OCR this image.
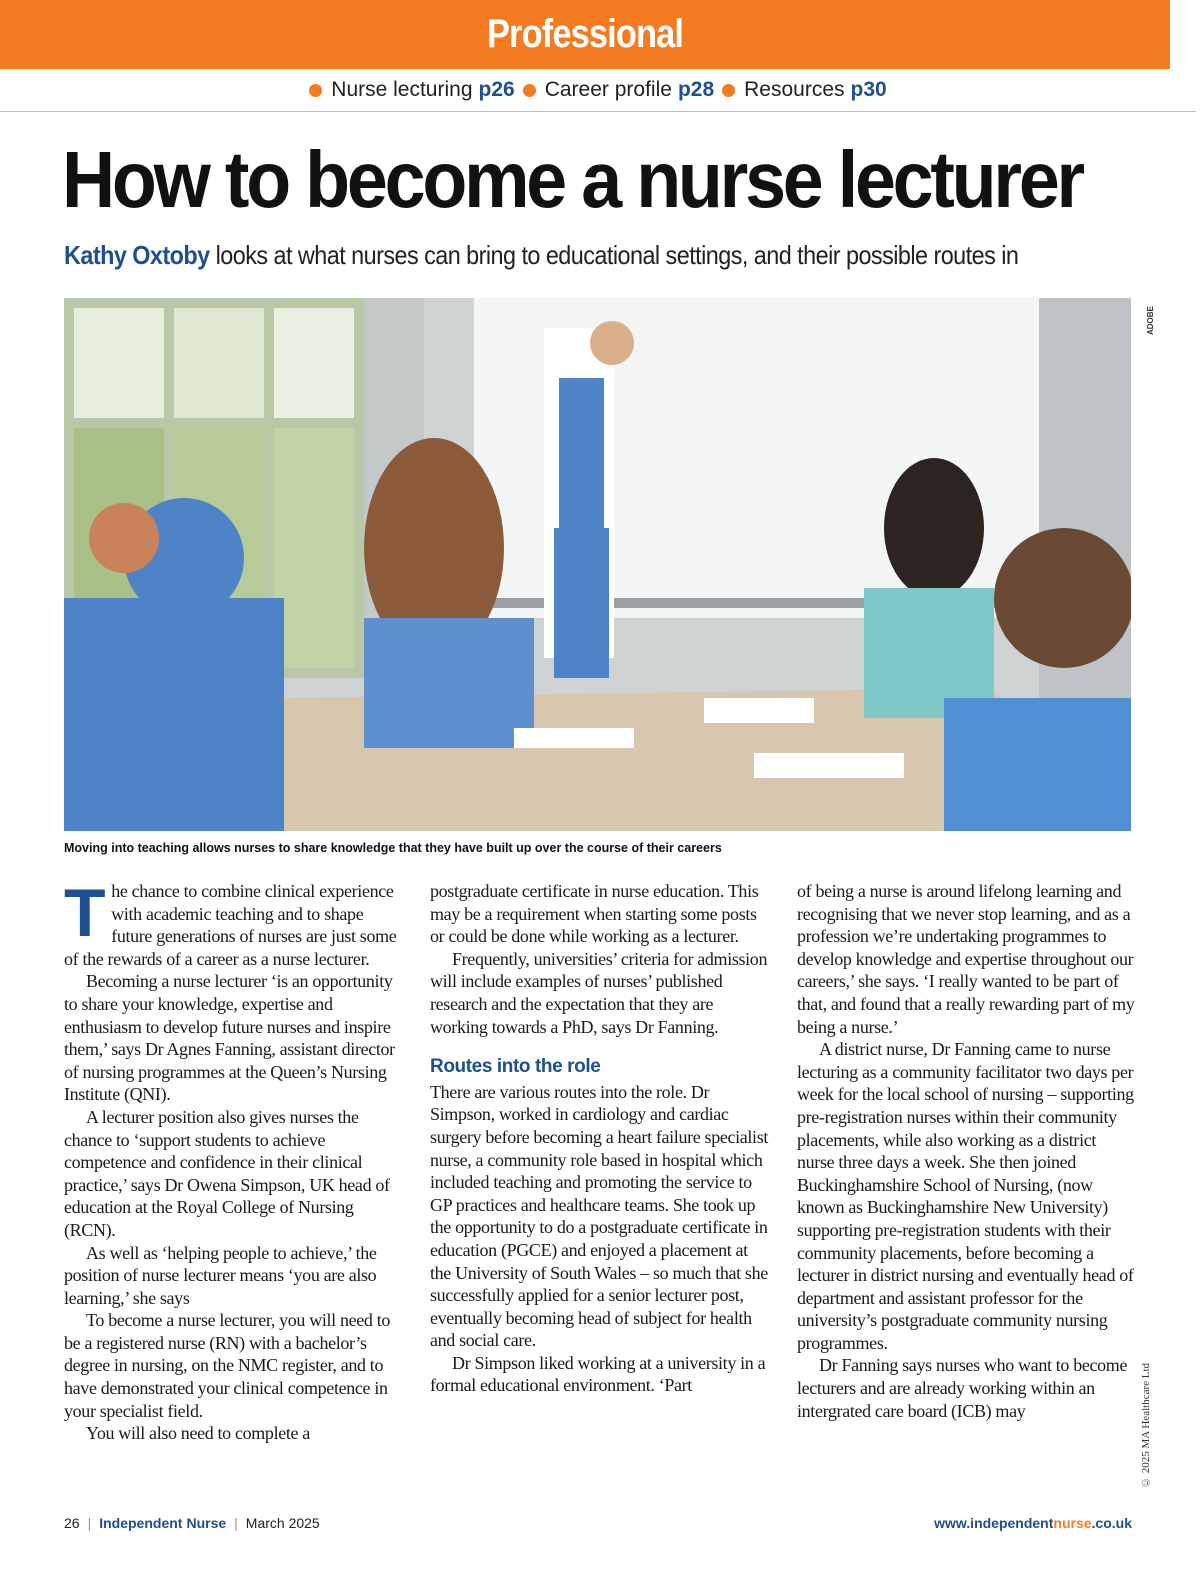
Professional
Nurse lecturing p26 Career profile p28 Resources p30
How to become a nurse lecturer
Kathy Oxtoby looks at what nurses can bring to educational settings, and their possible routes in
ADOBE
Moving into teaching allows nurses to share knowledge that they have built up over the course of their careers

The chance to combine clinical experience with academic teaching and to shape future generations of nurses are just some of the rewards of a career as a nurse lecturer.

Becoming a nurse lecturer ‘is an opportunity to share your knowledge, expertise and enthusiasm to develop future nurses and inspire them,’ says Dr Agnes Fanning, assistant director of nursing programmes at the Queen’s Nursing Institute (QNI).

A lecturer position also gives nurses the chance to ‘support students to achieve competence and confidence in their clinical practice,’ says Dr Owena Simpson, UK head of education at the Royal College of Nursing (RCN).

As well as ‘helping people to achieve,’ the position of nurse lecturer means ‘you are also learning,’ she says

To become a nurse lecturer, you will need to be a registered nurse (RN) with a bachelor’s degree in nursing, on the NMC register, and to have demonstrated your clinical competence in your specialist field.

You will also need to complete a

postgraduate certificate in nurse education. This may be a requirement when starting some posts or could be done while working as a lecturer.

Frequently, universities’ criteria for admission will include examples of nurses’ published research and the expectation that they are working towards a PhD, says Dr Fanning.

Routes into the role

There are various routes into the role. Dr Simpson, worked in cardiology and cardiac surgery before becoming a heart failure specialist nurse, a community role based in hospital which included teaching and promoting the service to GP practices and healthcare teams. She took up the opportunity to do a postgraduate certificate in education (PGCE) and enjoyed a placement at the University of South Wales – so much that she successfully applied for a senior lecturer post, eventually becoming head of subject for health and social care.

Dr Simpson liked working at a university in a formal educational environment. ‘Part

of being a nurse is around lifelong learning and recognising that we never stop learning, and as a profession we’re undertaking programmes to develop knowledge and expertise throughout our careers,’ she says. ‘I really wanted to be part of that, and found that a really rewarding part of my being a nurse.’

A district nurse, Dr Fanning came to nurse lecturing as a community facilitator two days per week for the local school of nursing – supporting pre-registration nurses within their community placements, while also working as a district nurse three days a week. She then joined Buckinghamshire School of Nursing, (now known as Buckinghamshire New University) supporting pre-registration students with their community placements, before becoming a lecturer in district nursing and eventually head of department and assistant professor for the university’s postgraduate community nursing programmes.

Dr Fanning says nurses who want to become lecturers and are already working within an intergrated care board (ICB) may	© 2025 MA Healthcare Ltd
26 | Independent Nurse | March 2025	www.independentnurse.co.uk
